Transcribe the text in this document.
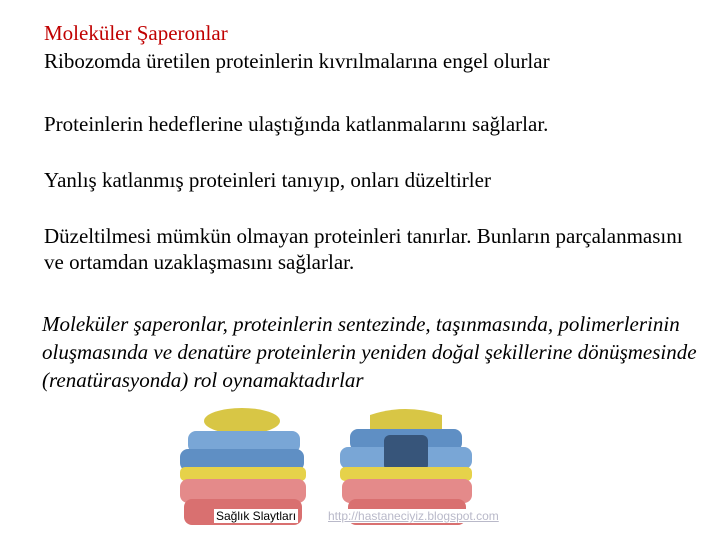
Moleküler Şaperonlar

Ribozomda üretilen proteinlerin kıvrılmalarına engel olurlar

Proteinlerin hedeflerine ulaştığında katlanmalarını sağlarlar.

Yanlış katlanmış proteinleri tanıyıp, onları düzeltirler

Düzeltilmesi mümkün olmayan proteinleri tanırlar. Bunların parçalanmasını ve ortamdan uzaklaşmasını sağlarlar.

Moleküler şaperonlar, proteinlerin sentezinde, taşınmasında, polimerlerinin oluşmasında ve denatüre proteinlerin yeniden doğal şekillerine dönüşmesinde (renatürasyonda) rol oynamaktadırlar

Sağlık Slaytları	http://hastaneciyiz.blogspot.com
